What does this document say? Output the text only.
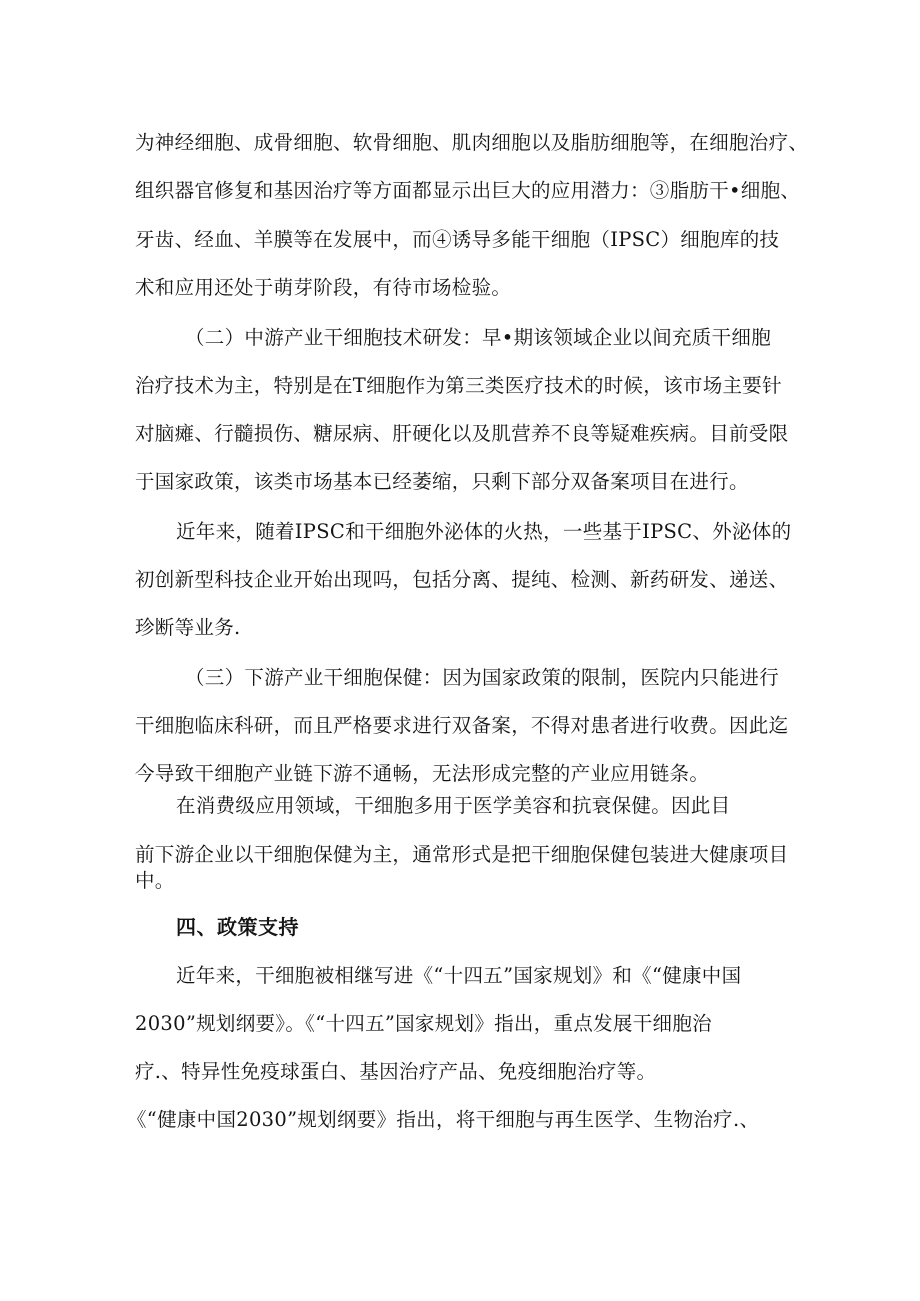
为神经细胞、成骨细胞、软骨细胞、肌肉细胞以及脂肪细胞等，在细胞治疗、
组织器官修复和基因治疗等方面都显示出巨大的应用潜力：③脂肪干•细胞、
牙齿、经血、羊膜等在发展中，而④诱导多能干细胞（IPSC）细胞库的技
术和应用还处于萌芽阶段，有待市场检验。
（二）中游产业干细胞技术研发：早•期该领域企业以间充质干细胞
治疗技术为主，特别是在T细胞作为第三类医疗技术的时候，该市场主要针
对脑瘫、行髓损伤、糖尿病、肝硬化以及肌营养不良等疑难疾病。目前受限
于国家政策，该类市场基本已经萎缩，只剩下部分双备案项目在进行。
近年来，随着IPSC和干细胞外泌体的火热，一些基于IPSC、外泌体的
初创新型科技企业开始出现吗，包括分离、提纯、检测、新药研发、递送、
珍断等业务.
（三）下游产业干细胞保健：因为国家政策的限制，医院内只能进行
干细胞临床科研，而且严格要求进行双备案，不得对患者进行收费。因此迄
今导致干细胞产业链下游不通畅，无法形成完整的产业应用链条。
在消费级应用领域，干细胞多用于医学美容和抗衰保健。因此目
前下游企业以干细胞保健为主，通常形式是把干细胞保健包装进大健康项目
中。
四、政策支持
近年来，干细胞被相继写进《“十四五”国家规划》和《“健康中国
2030”规划纲要》。《“十四五”国家规划》指出，重点发展干细胞治
疗.、特异性免疫球蛋白、基因治疗产品、免疫细胞治疗等。
《“健康中国2030”规划纲要》指出，将干细胞与再生医学、生物治疗.、
